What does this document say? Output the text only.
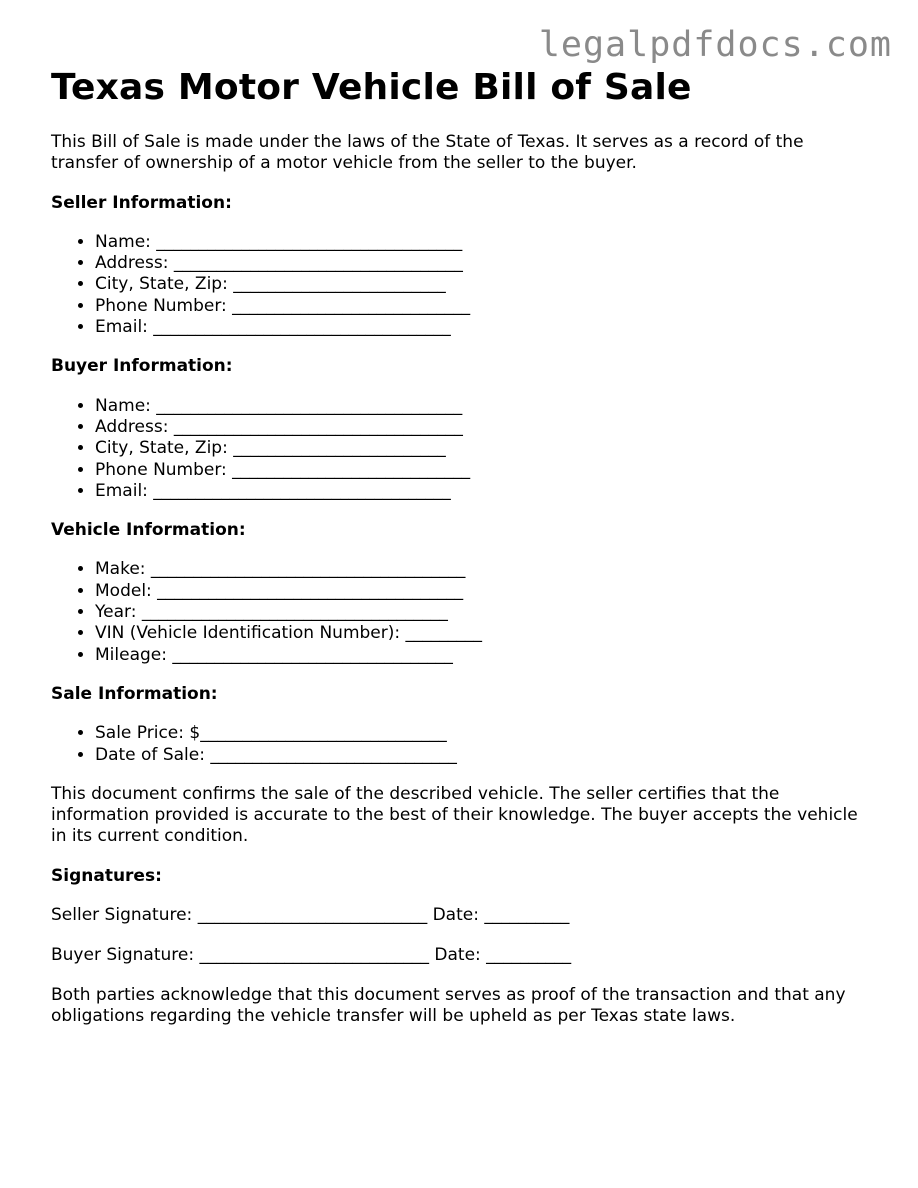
legalpdfdocs.com
Texas Motor Vehicle Bill of Sale

This Bill of Sale is made under the laws of the State of Texas. It serves as a record of the transfer of ownership of a motor vehicle from the seller to the buyer.

Seller Information:

• Name: ____________________________________
• Address: __________________________________
• City, State, Zip: _________________________
• Phone Number: ____________________________
• Email: ___________________________________

Buyer Information:

• Name: ____________________________________
• Address: __________________________________
• City, State, Zip: _________________________
• Phone Number: ____________________________
• Email: ___________________________________

Vehicle Information:

• Make: _____________________________________
• Model: ____________________________________
• Year: ____________________________________
• VIN (Vehicle Identification Number): _________
• Mileage: _________________________________

Sale Information:

• Sale Price: $_____________________________
• Date of Sale: _____________________________

This document confirms the sale of the described vehicle. The seller certifies that the information provided is accurate to the best of their knowledge. The buyer accepts the vehicle in its current condition.

Signatures:

Seller Signature: ___________________________ Date: __________

Buyer Signature: ___________________________ Date: __________

Both parties acknowledge that this document serves as proof of the transaction and that any obligations regarding the vehicle transfer will be upheld as per Texas state laws.
